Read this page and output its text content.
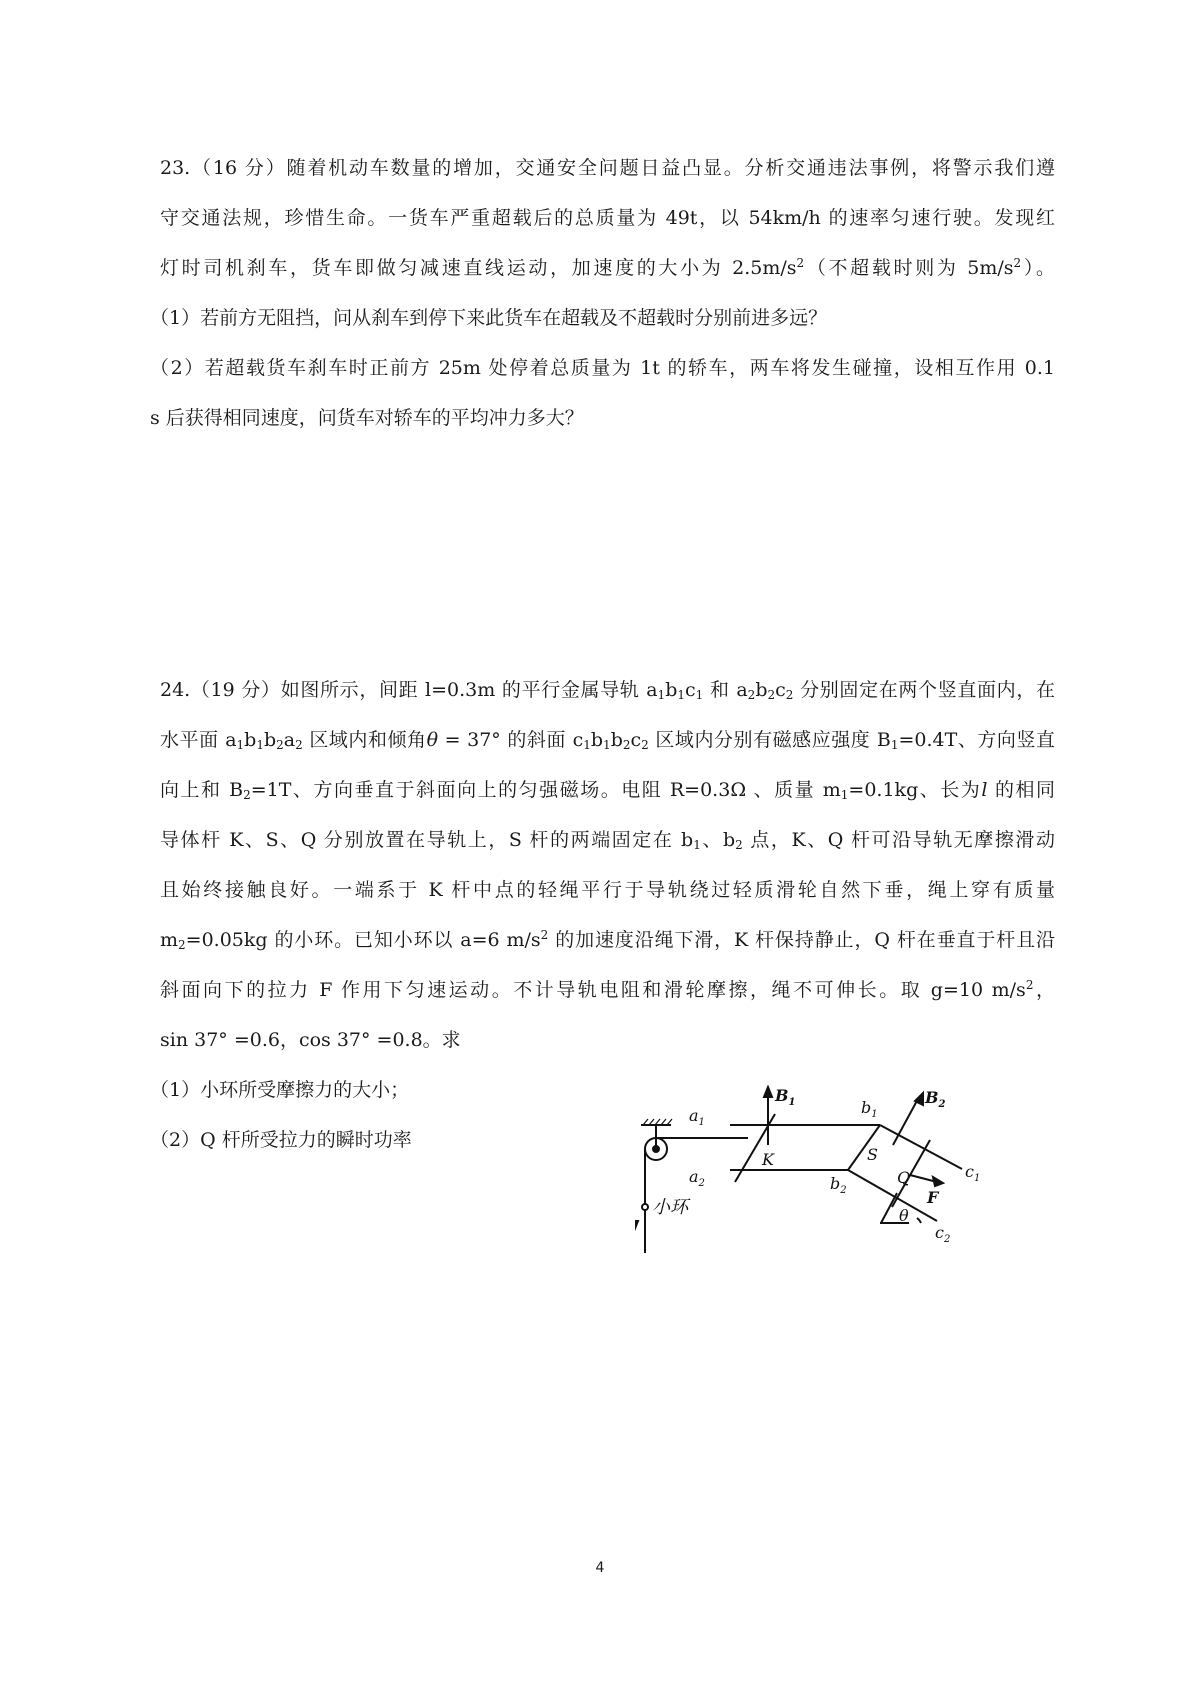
23.（16 分）随着机动车数量的增加，交通安全问题日益凸显。分析交通违法事例，将警示我们遵
守交通法规，珍惜生命。一货车严重超载后的总质量为 49t，以 54km/h 的速率匀速行驶。发现红
灯时司机刹车，货车即做匀减速直线运动，加速度的大小为 $2.5m/s^2$（不超载时则为 $5m/s^2$）。
（1）若前方无阻挡，问从刹车到停下来此货车在超载及不超载时分别前进多远？
（2）若超载货车刹车时正前方 25m 处停着总质量为 1t 的轿车，两车将发生碰撞，设相互作用 0.1
s 后获得相同速度，问货车对轿车的平均冲力多大？
24.（19 分）如图所示，间距 l=0.3m 的平行金属导轨 $a_1b_1c_1$ 和 $a_2b_2c_2$ 分别固定在两个竖直面内，在
水平面 $a_1b_1b_2a_2$ 区域内和倾角θ = 37° 的斜面 $c_1b_1b_2c_2$ 区域内分别有磁感应强度 $B_1=0.4T$、方向竖直
向上和 $B_2=1T$、方向垂直于斜面向上的匀强磁场。电阻 R=0.3Ω 、质量 $m_1=0.1kg$、长为l 的相同
导体杆 K、S、Q 分别放置在导轨上，S 杆的两端固定在 $b_1$、$b_2$ 点，K、Q 杆可沿导轨无摩擦滑动
且始终接触良好。一端系于 K 杆中点的轻绳平行于导轨绕过轻质滑轮自然下垂，绳上穿有质量
$m_2=0.05kg$ 的小环。已知小环以 a=6 $m/s^2$ 的加速度沿绳下滑，K 杆保持静止，Q 杆在垂直于杆且沿
斜面向下的拉力 F 作用下匀速运动。不计导轨电阻和滑轮摩擦，绳不可伸长。取 g=10 $m/s^2$，
sin 37° =0.6，cos 37° =0.8。求
（1）小环所受摩擦力的大小；
（2）Q 杆所受拉力的瞬时功率
$a_1$
$a_2$
$b_1$
$b_2$
$c_1$
$c_2$
$B_1$	$B_2$
K	S
Q
F
θ
小环
4
